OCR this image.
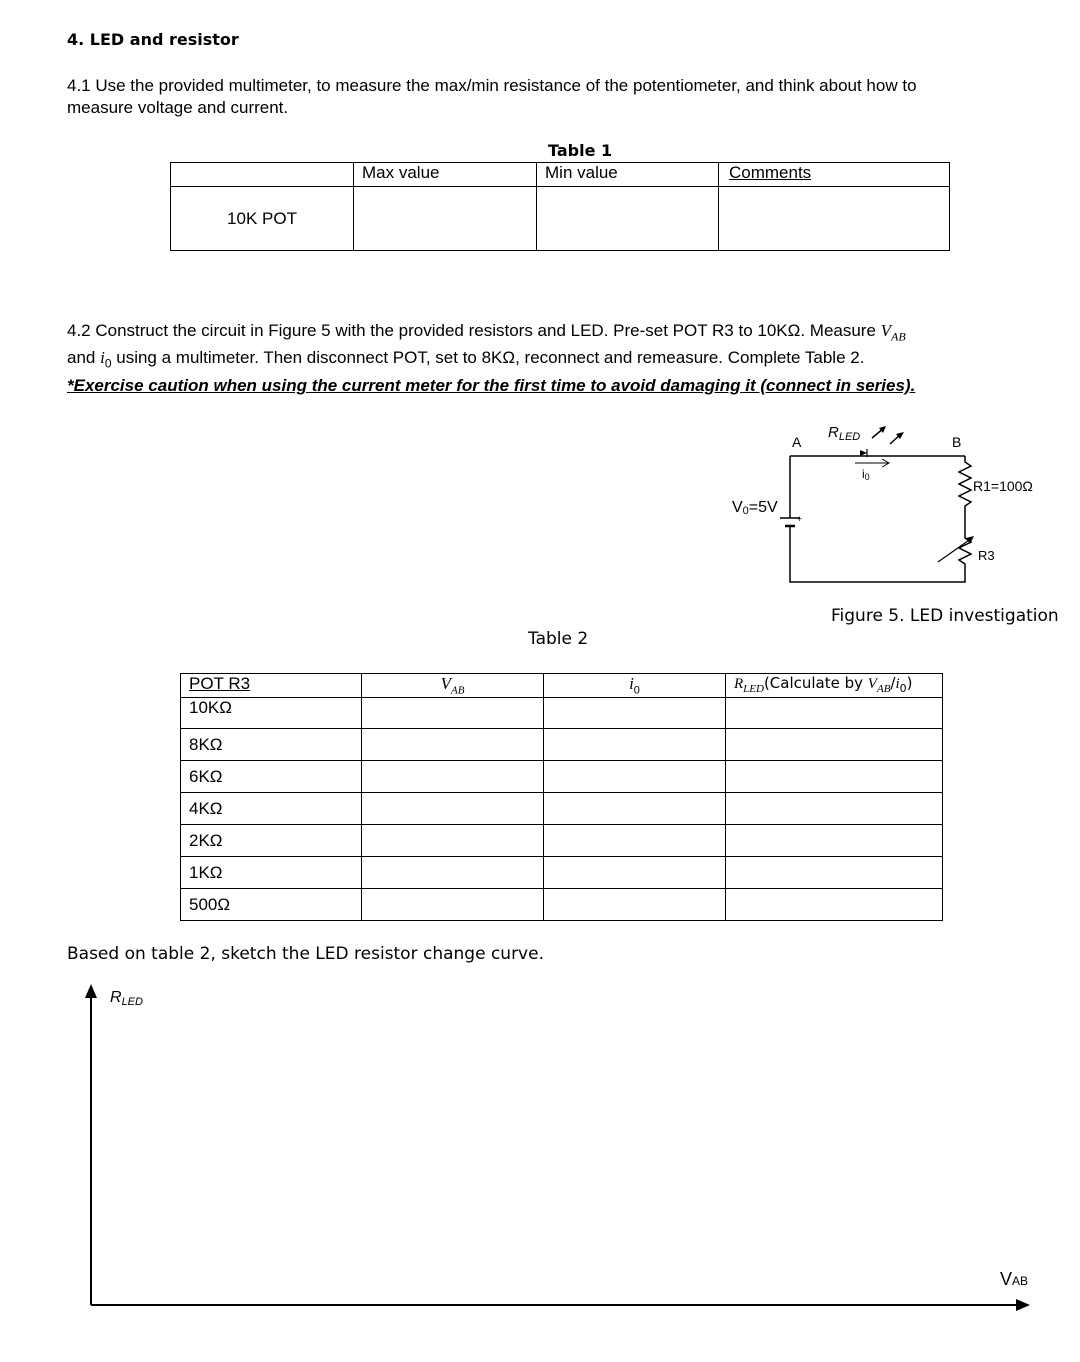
4. LED and resistor
4.1 Use the provided multimeter, to measure the max/min resistance of the potentiometer, and think about how to
measure voltage and current.
Table 1
	Max value	Min value	Comments
10K POT			
4.2 Construct the circuit in Figure 5 with the provided resistors and LED. Pre-set POT R3 to 10KΩ. Measure $V_{AB}$
and $i_0$ using a multimeter. Then disconnect POT, set to 8KΩ, reconnect and remeasure. Complete Table 2.
*Exercise caution when using the current meter for the first time to avoid damaging it (connect in series).
+
A	B
$R_{LED}$
i0
V0=5V
R1=100Ω
R3
Figure 5. LED investigation
Table 2
POT R3	$V_{AB}$	$i_0$	$R_{LED}(Calculate$ by $V_{AB}/i_0$)
10KΩ			
8KΩ			
6KΩ			
4KΩ			
2KΩ			
1KΩ			
500Ω			
Based on table 2, sketch the LED resistor change curve.
RLED
VAB
